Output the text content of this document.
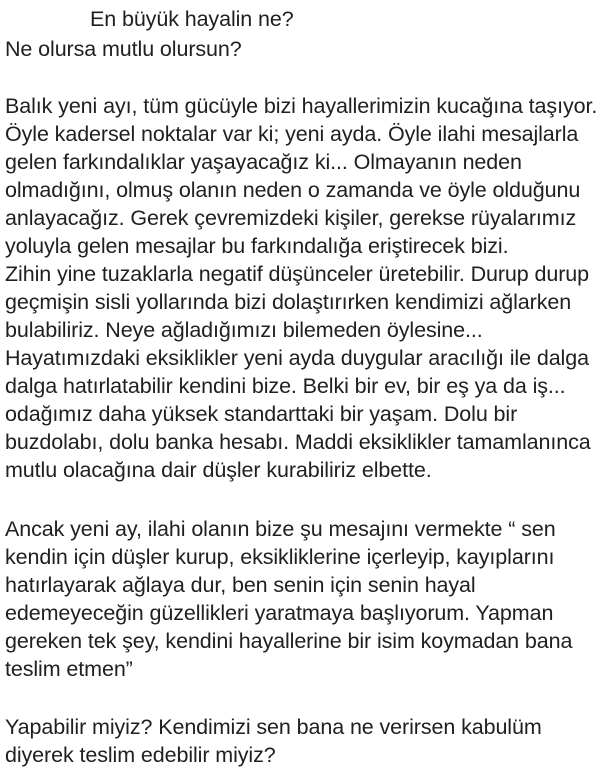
En büyük hayalin ne?
Ne olursa mutlu olursun?
Balık yeni ayı, tüm gücüyle bizi hayallerimizin kucağına taşıyor.
Öyle kadersel noktalar var ki; yeni ayda. Öyle ilahi mesajlarla
gelen farkındalıklar yaşayacağız ki... Olmayanın neden
olmadığını, olmuş olanın neden o zamanda ve öyle olduğunu
anlayacağız. Gerek çevremizdeki kişiler, gerekse rüyalarımız
yoluyla gelen mesajlar bu farkındalığa eriştirecek bizi.
Zihin yine tuzaklarla negatif düşünceler üretebilir. Durup durup
geçmişin sisli yollarında bizi dolaştırırken kendimizi ağlarken
bulabiliriz. Neye ağladığımızı bilemeden öylesine...
Hayatımızdaki eksiklikler yeni ayda duygular aracılığı ile dalga
dalga hatırlatabilir kendini bize. Belki bir ev, bir eş ya da iş...
odağımız daha yüksek standarttaki bir yaşam. Dolu bir
buzdolabı, dolu banka hesabı. Maddi eksiklikler tamamlanınca
mutlu olacağına dair düşler kurabiliriz elbette.
Ancak yeni ay, ilahi olanın bize şu mesajını vermekte “ sen
kendin için düşler kurup, eksikliklerine içerleyip, kayıplarını
hatırlayarak ağlaya dur, ben senin için senin hayal
edemeyeceğin güzellikleri yaratmaya başlıyorum. Yapman
gereken tek şey, kendini hayallerine bir isim koymadan bana
teslim etmen”
Yapabilir miyiz? Kendimizi sen bana ne verirsen kabulüm
diyerek teslim edebilir miyiz?
